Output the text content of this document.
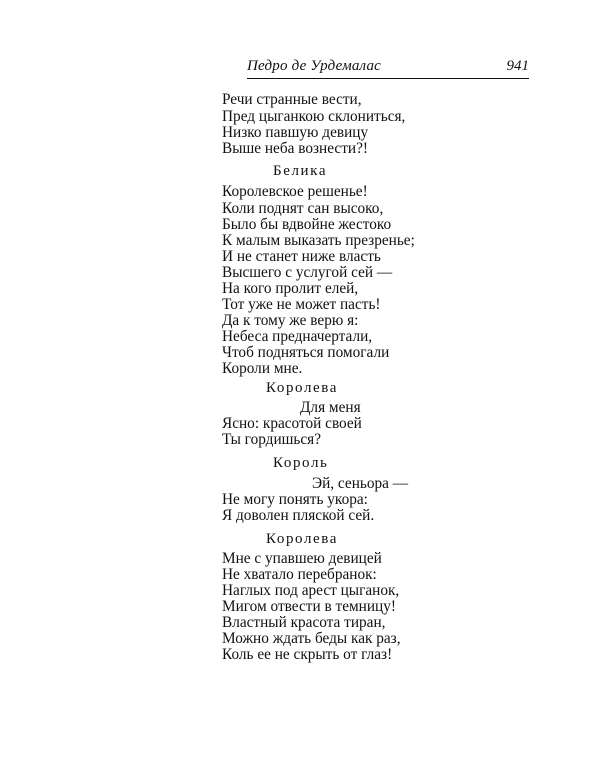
Педро де Урдемалас	941
Речи странные вести,
Пред цыганкою склониться,
Низко павшую девицу
Выше неба вознести?!
Белика
Королевское решенье!
Коли поднят сан высоко,
Было бы вдвойне жестоко
К малым выказать презренье;
И не станет ниже власть
Высшего с услугой сей —
На кого пролит елей,
Тот уже не может пасть!
Да к тому же верю я:
Небеса предначертали,
Чтоб подняться помогали
Короли мне.
Королева
Для меня
Ясно: красотой своей
Ты гордишься?
Король
Эй, сеньора —
Не могу понять укора:
Я доволен пляской сей.
Королева
Мне с упавшею девицей
Не хватало перебранок:
Наглых под арест цыганок,
Мигом отвести в темницу!
Властный красота тиран,
Можно ждать беды как раз,
Коль ее не скрыть от глаз!
